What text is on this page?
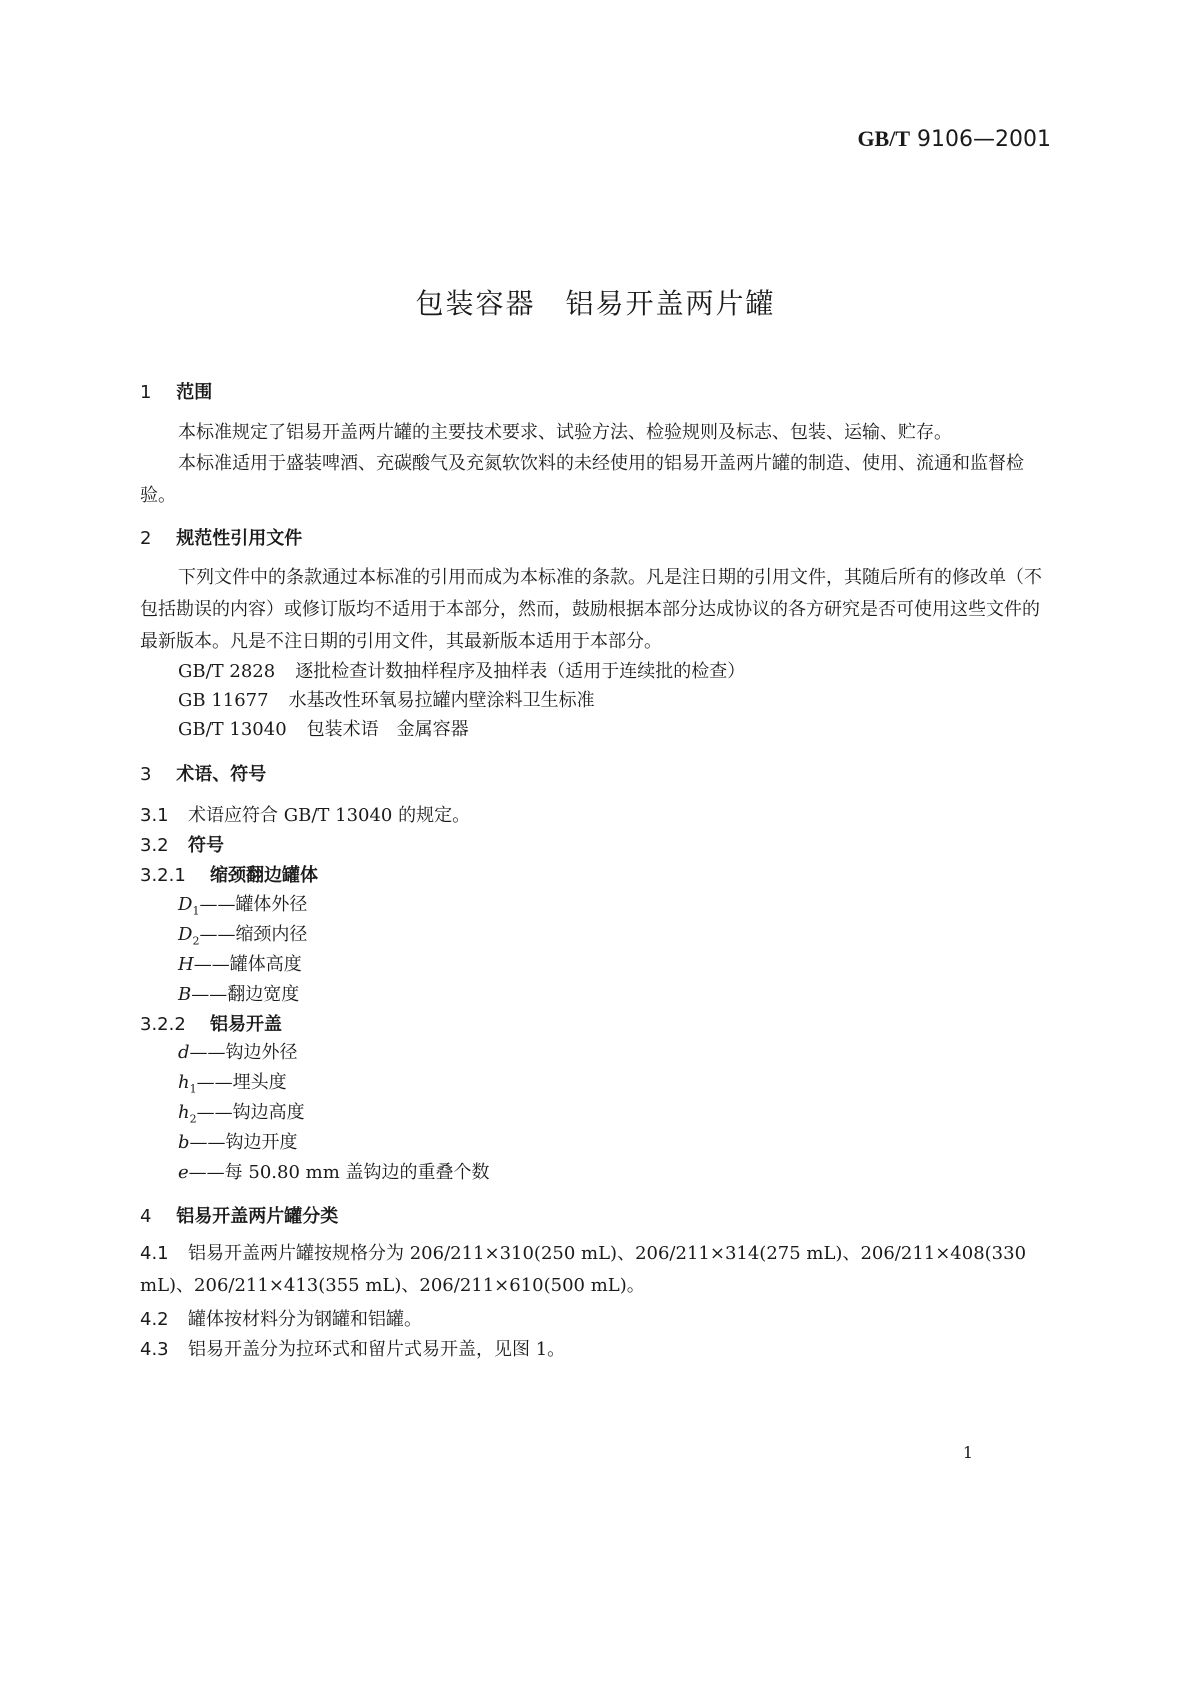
GB/T 9106—2001
包装容器　铝易开盖两片罐
1 范围
本标准规定了铝易开盖两片罐的主要技术要求、试验方法、检验规则及标志、包装、运输、贮存。
本标准适用于盛装啤酒、充碳酸气及充氮软饮料的未经使用的铝易开盖两片罐的制造、使用、流通和监督检验。
2 规范性引用文件
下列文件中的条款通过本标准的引用而成为本标准的条款。凡是注日期的引用文件，其随后所有的修改单（不包括勘误的内容）或修订版均不适用于本部分，然而，鼓励根据本部分达成协议的各方研究是否可使用这些文件的最新版本。凡是不注日期的引用文件，其最新版本适用于本部分。
GB/T 2828 逐批检查计数抽样程序及抽样表（适用于连续批的检查）
GB 11677 水基改性环氧易拉罐内壁涂料卫生标准
GB/T 13040 包装术语　金属容器
3 术语、符号
3.1 术语应符合 GB/T 13040 的规定。
3.2 符号
3.2.1 缩颈翻边罐体
$D_1——$罐体外径
$D_2——$缩颈内径
H——罐体高度
B——翻边宽度
3.2.2 铝易开盖
d——钩边外径
$h_1——$埋头度
$h_2——$钩边高度
b——钩边开度
e——每 50.80 mm 盖钩边的重叠个数
4 铝易开盖两片罐分类
4.1 铝易开盖两片罐按规格分为 206/211×310(250 mL)、206/211×314(275 mL)、206/211×408(330 mL)、206/211×413(355 mL)、206/211×610(500 mL)。
4.2 罐体按材料分为钢罐和铝罐。
4.3 铝易开盖分为拉环式和留片式易开盖，见图 1。
1
